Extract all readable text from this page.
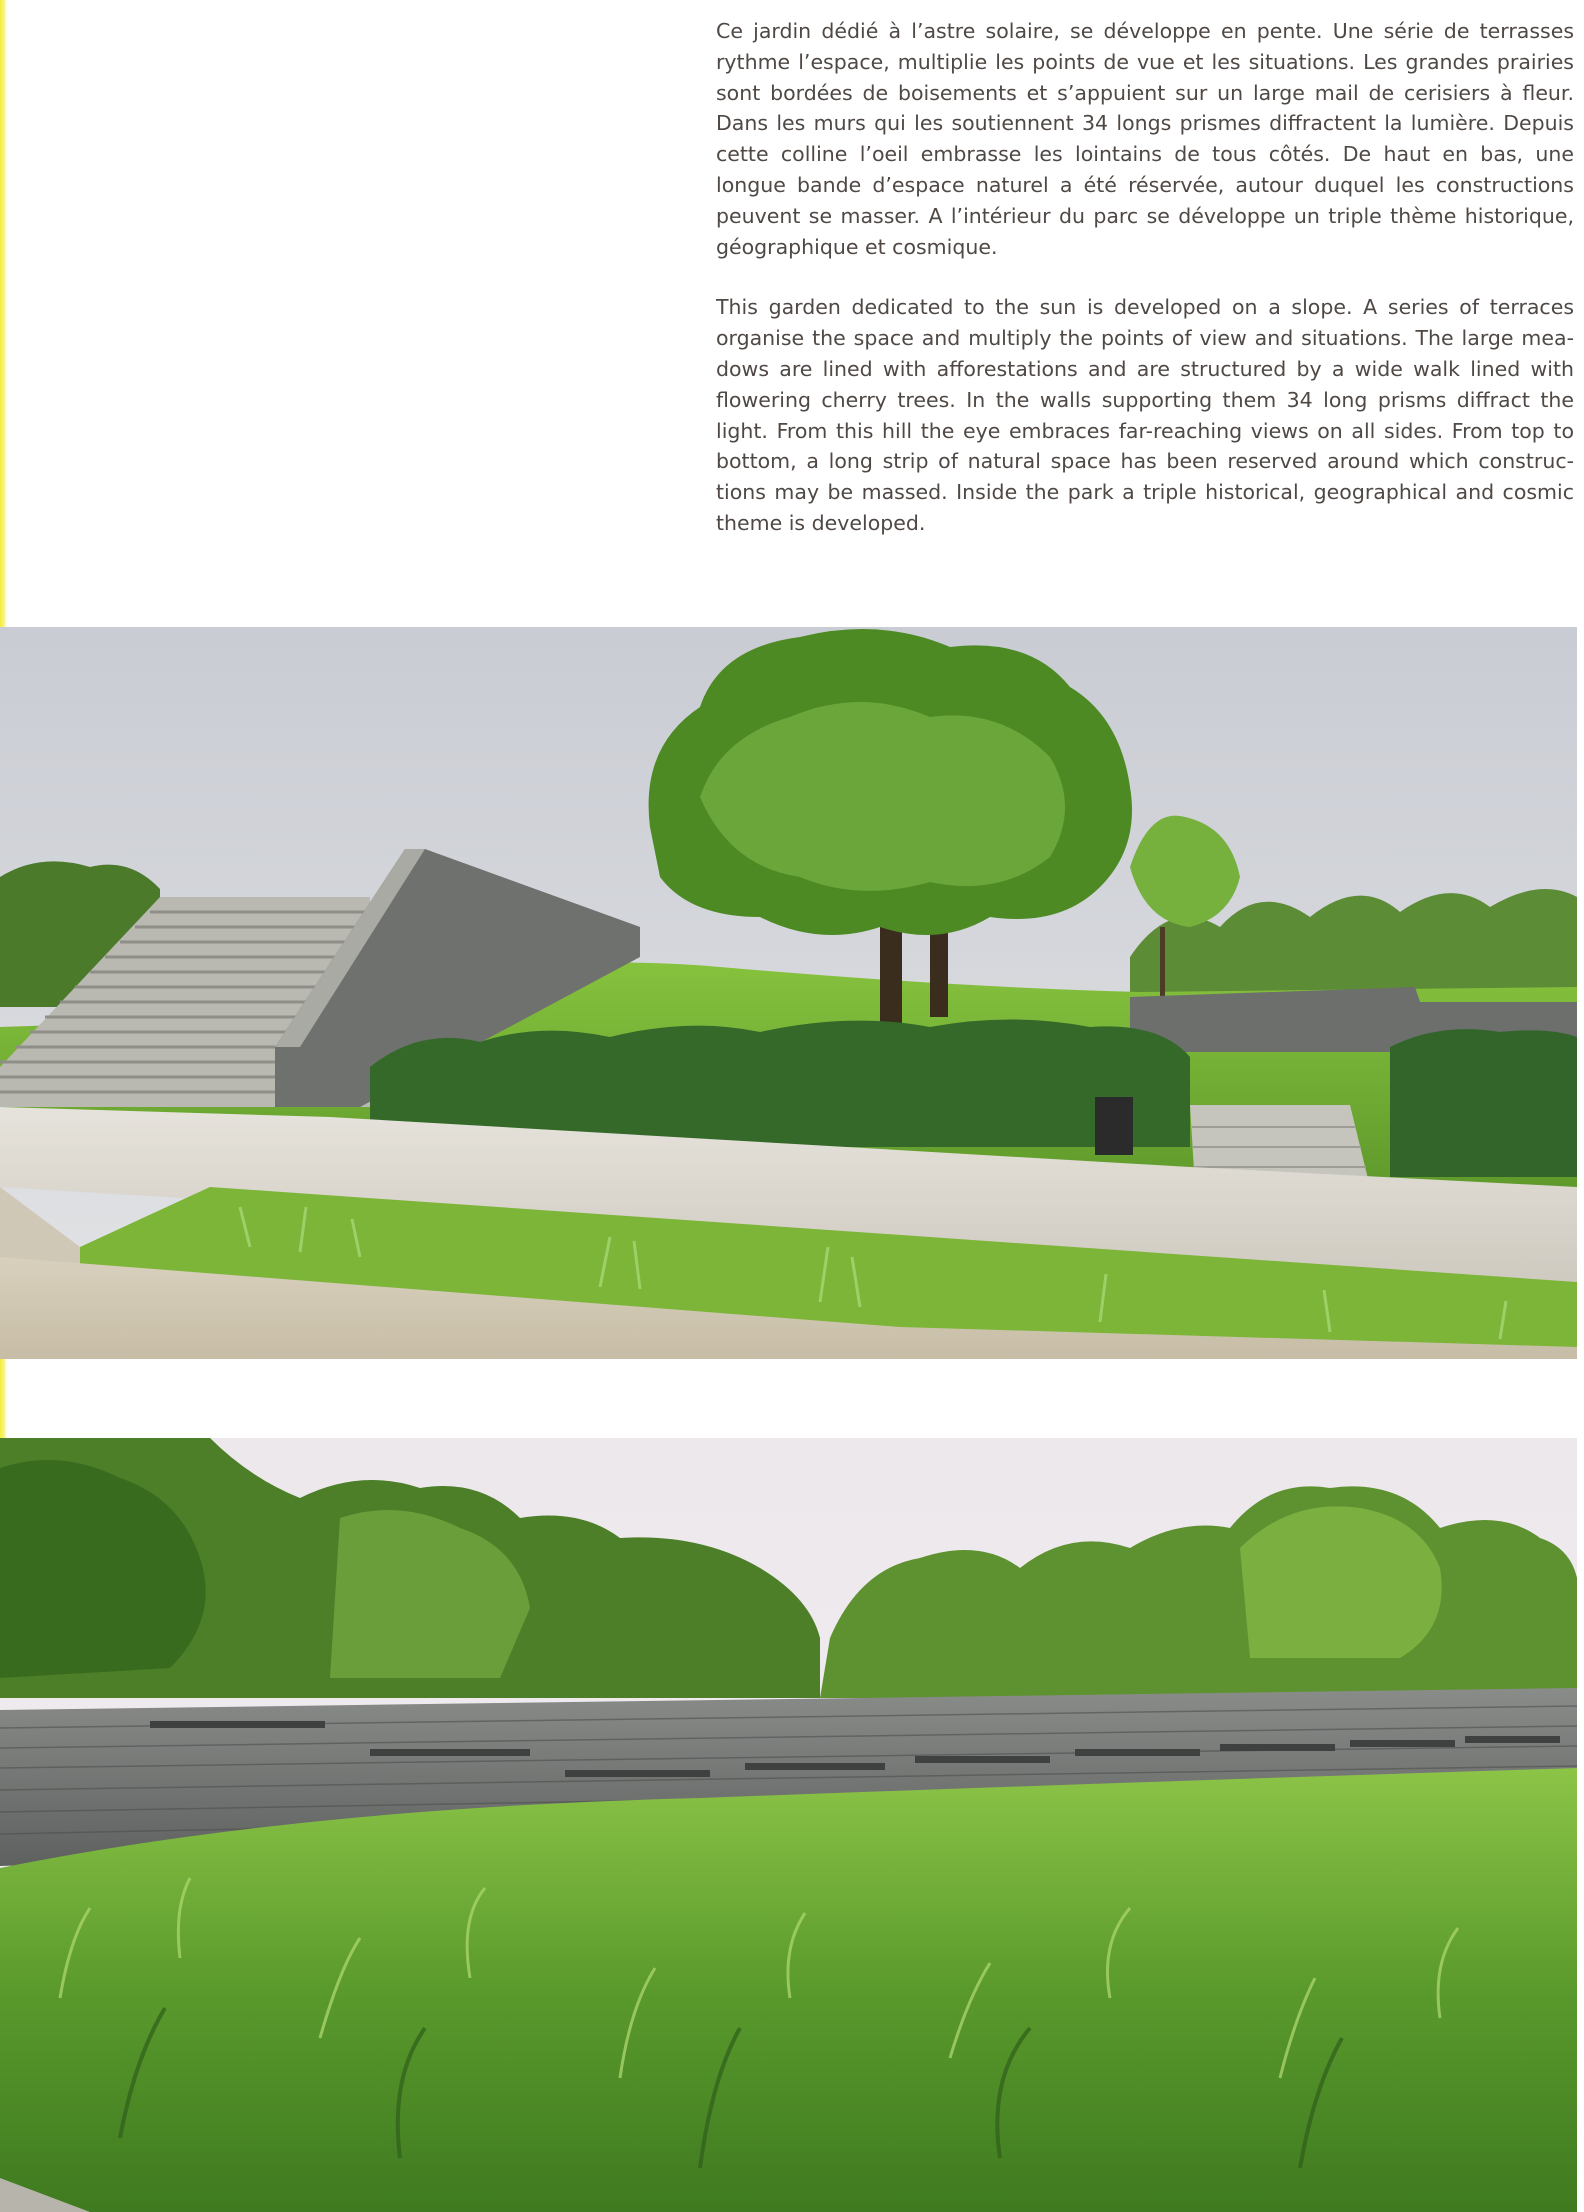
Ce jardin dédié à l’astre solaire, se développe en pente. Une série de terrasses rythme l’espace, multiplie les points de vue et les situations. Les grandes prairies sont bordées de boisements et s’appuient sur un large mail de cerisiers à fleur. Dans les murs qui les soutiennent 34 longs prismes diffractent la lumière. Depuis cette colline l’oeil embrasse les lointains de tous côtés. De haut en bas, une longue bande d’espace naturel a été réservée, autour duquel les constructions peuvent se masser. A l’intérieur du parc se développe un triple thème historique, géographique et cosmique.

This garden dedicated to the sun is developed on a slope. A series of terraces organise the space and multiply the points of view and situations. The large meadows are lined with afforestations and are structured by a wide walk lined with flowering cherry trees. In the walls supporting them 34 long prisms diffract the light. From this hill the eye embraces far-reaching views on all sides. From top to bottom, a long strip of natural space has been reserved around which constructions may be massed. Inside the park a triple historical, geographical and cosmic theme is developed.
